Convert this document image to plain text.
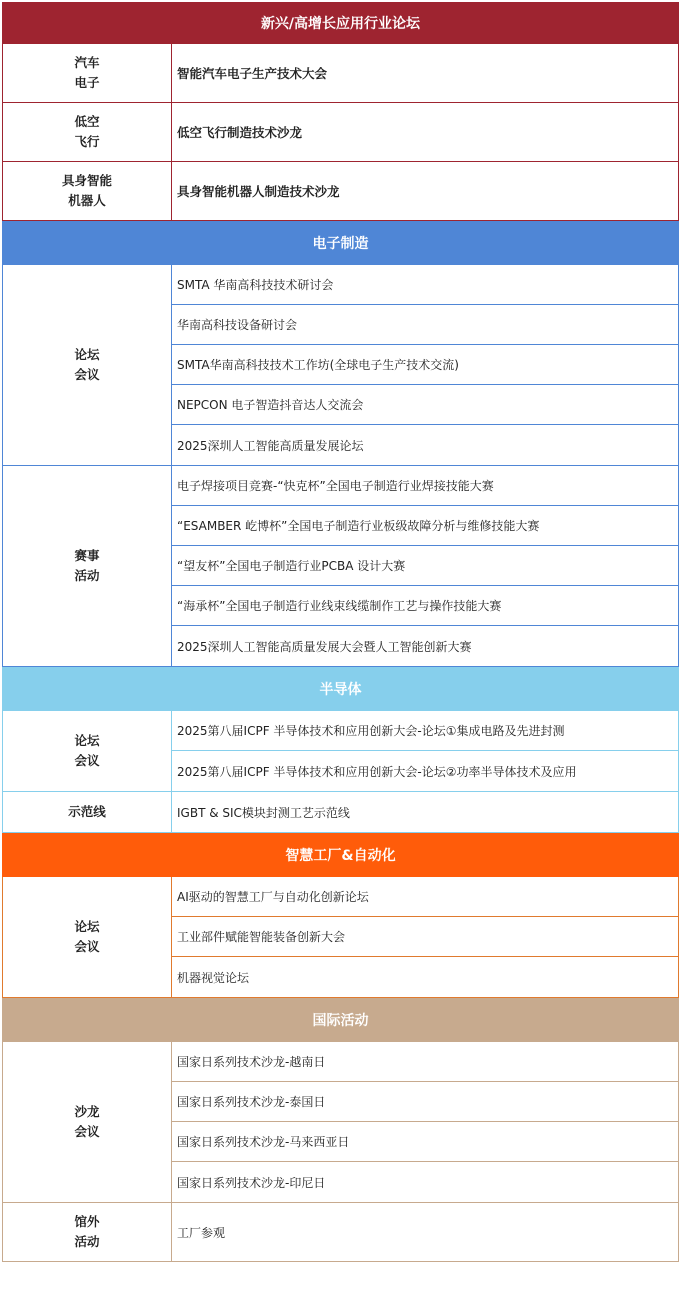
新兴/高增长应用行业论坛
汽车
电子
智能汽车电子生产技术大会
低空
飞行
低空飞行制造技术沙龙
具身智能
机器人
具身智能机器人制造技术沙龙
电子制造
论坛
会议
SMTA 华南高科技技术研讨会
华南高科技设备研讨会
SMTA华南高科技技术工作坊(全球电子生产技术交流)
NEPCON 电子智造抖音达人交流会
2025深圳人工智能高质量发展论坛
赛事
活动
电子焊接项目竞赛-“快克杯”全国电子制造行业焊接技能大赛
“ESAMBER 屹博杯”全国电子制造行业板级故障分析与维修技能大赛
“望友杯”全国电子制造行业PCBA 设计大赛
“海承杯”全国电子制造行业线束线缆制作工艺与操作技能大赛
2025深圳人工智能高质量发展大会暨人工智能创新大赛
半导体
论坛
会议
2025第八届ICPF 半导体技术和应用创新大会-论坛①集成电路及先进封测
2025第八届ICPF 半导体技术和应用创新大会-论坛②功率半导体技术及应用
示范线	IGBT & SIC模块封测工艺示范线
智慧工厂&自动化
论坛
会议
AI驱动的智慧工厂与自动化创新论坛
工业部件赋能智能装备创新大会
机器视觉论坛
国际活动
沙龙
会议
国家日系列技术沙龙-越南日
国家日系列技术沙龙-泰国日
国家日系列技术沙龙-马来西亚日
国家日系列技术沙龙-印尼日
馆外
活动
工厂参观
